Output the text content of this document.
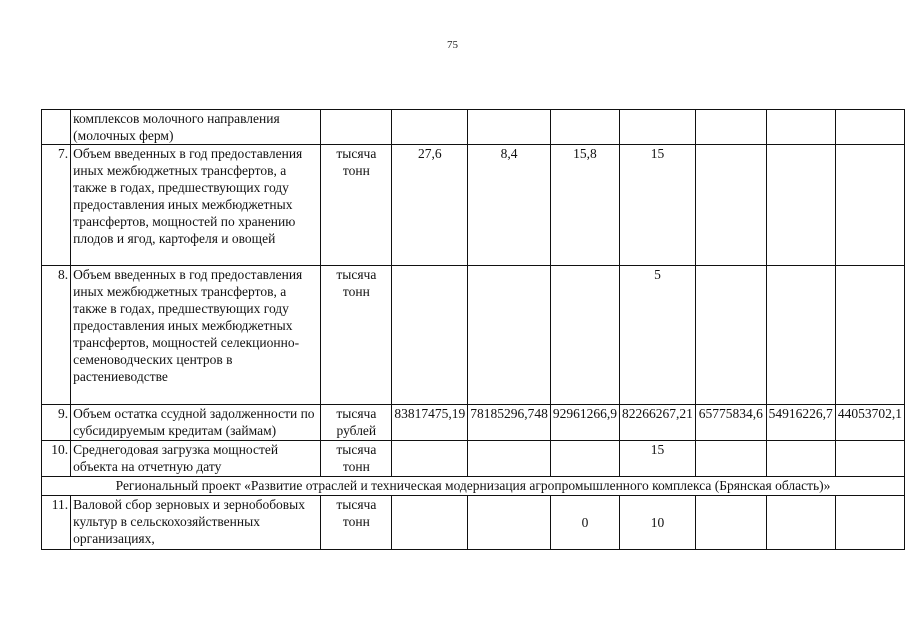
75
	комплексов молочного направления (молочных ферм)								
7.	Объем введенных в год предоставления иных межбюджетных трансфертов, а также в годах, предшествующих году предоставления иных межбюджетных трансфертов, мощностей по хранению плодов и ягод, картофеля и овощей	тысяча тонн	27,6	8,4	15,8	15			
8.	Объем введенных в год предоставления иных межбюджетных трансфертов, а также в годах, предшествующих году предоставления иных межбюджетных трансфертов, мощностей селекционно-семеноводческих центров в растениеводстве	тысяча тонн				5			
9.	Объем остатка ссудной задолженности по субсидируемым кредитам (займам)	тысяча рублей	83817475,19	78185296,748	92961266,9	82266267,21	65775834,6	54916226,7	44053702,1
10.	Среднегодовая загрузка мощностей объекта на отчетную дату	тысяча тонн				15			
Региональный проект «Развитие отраслей и техническая модернизация агропромышленного комплекса (Брянская область)»									
11.	Валовой сбор зерновых и зернобобовых культур в сельскохозяйственных организациях,	тысяча тонн			0	10			
